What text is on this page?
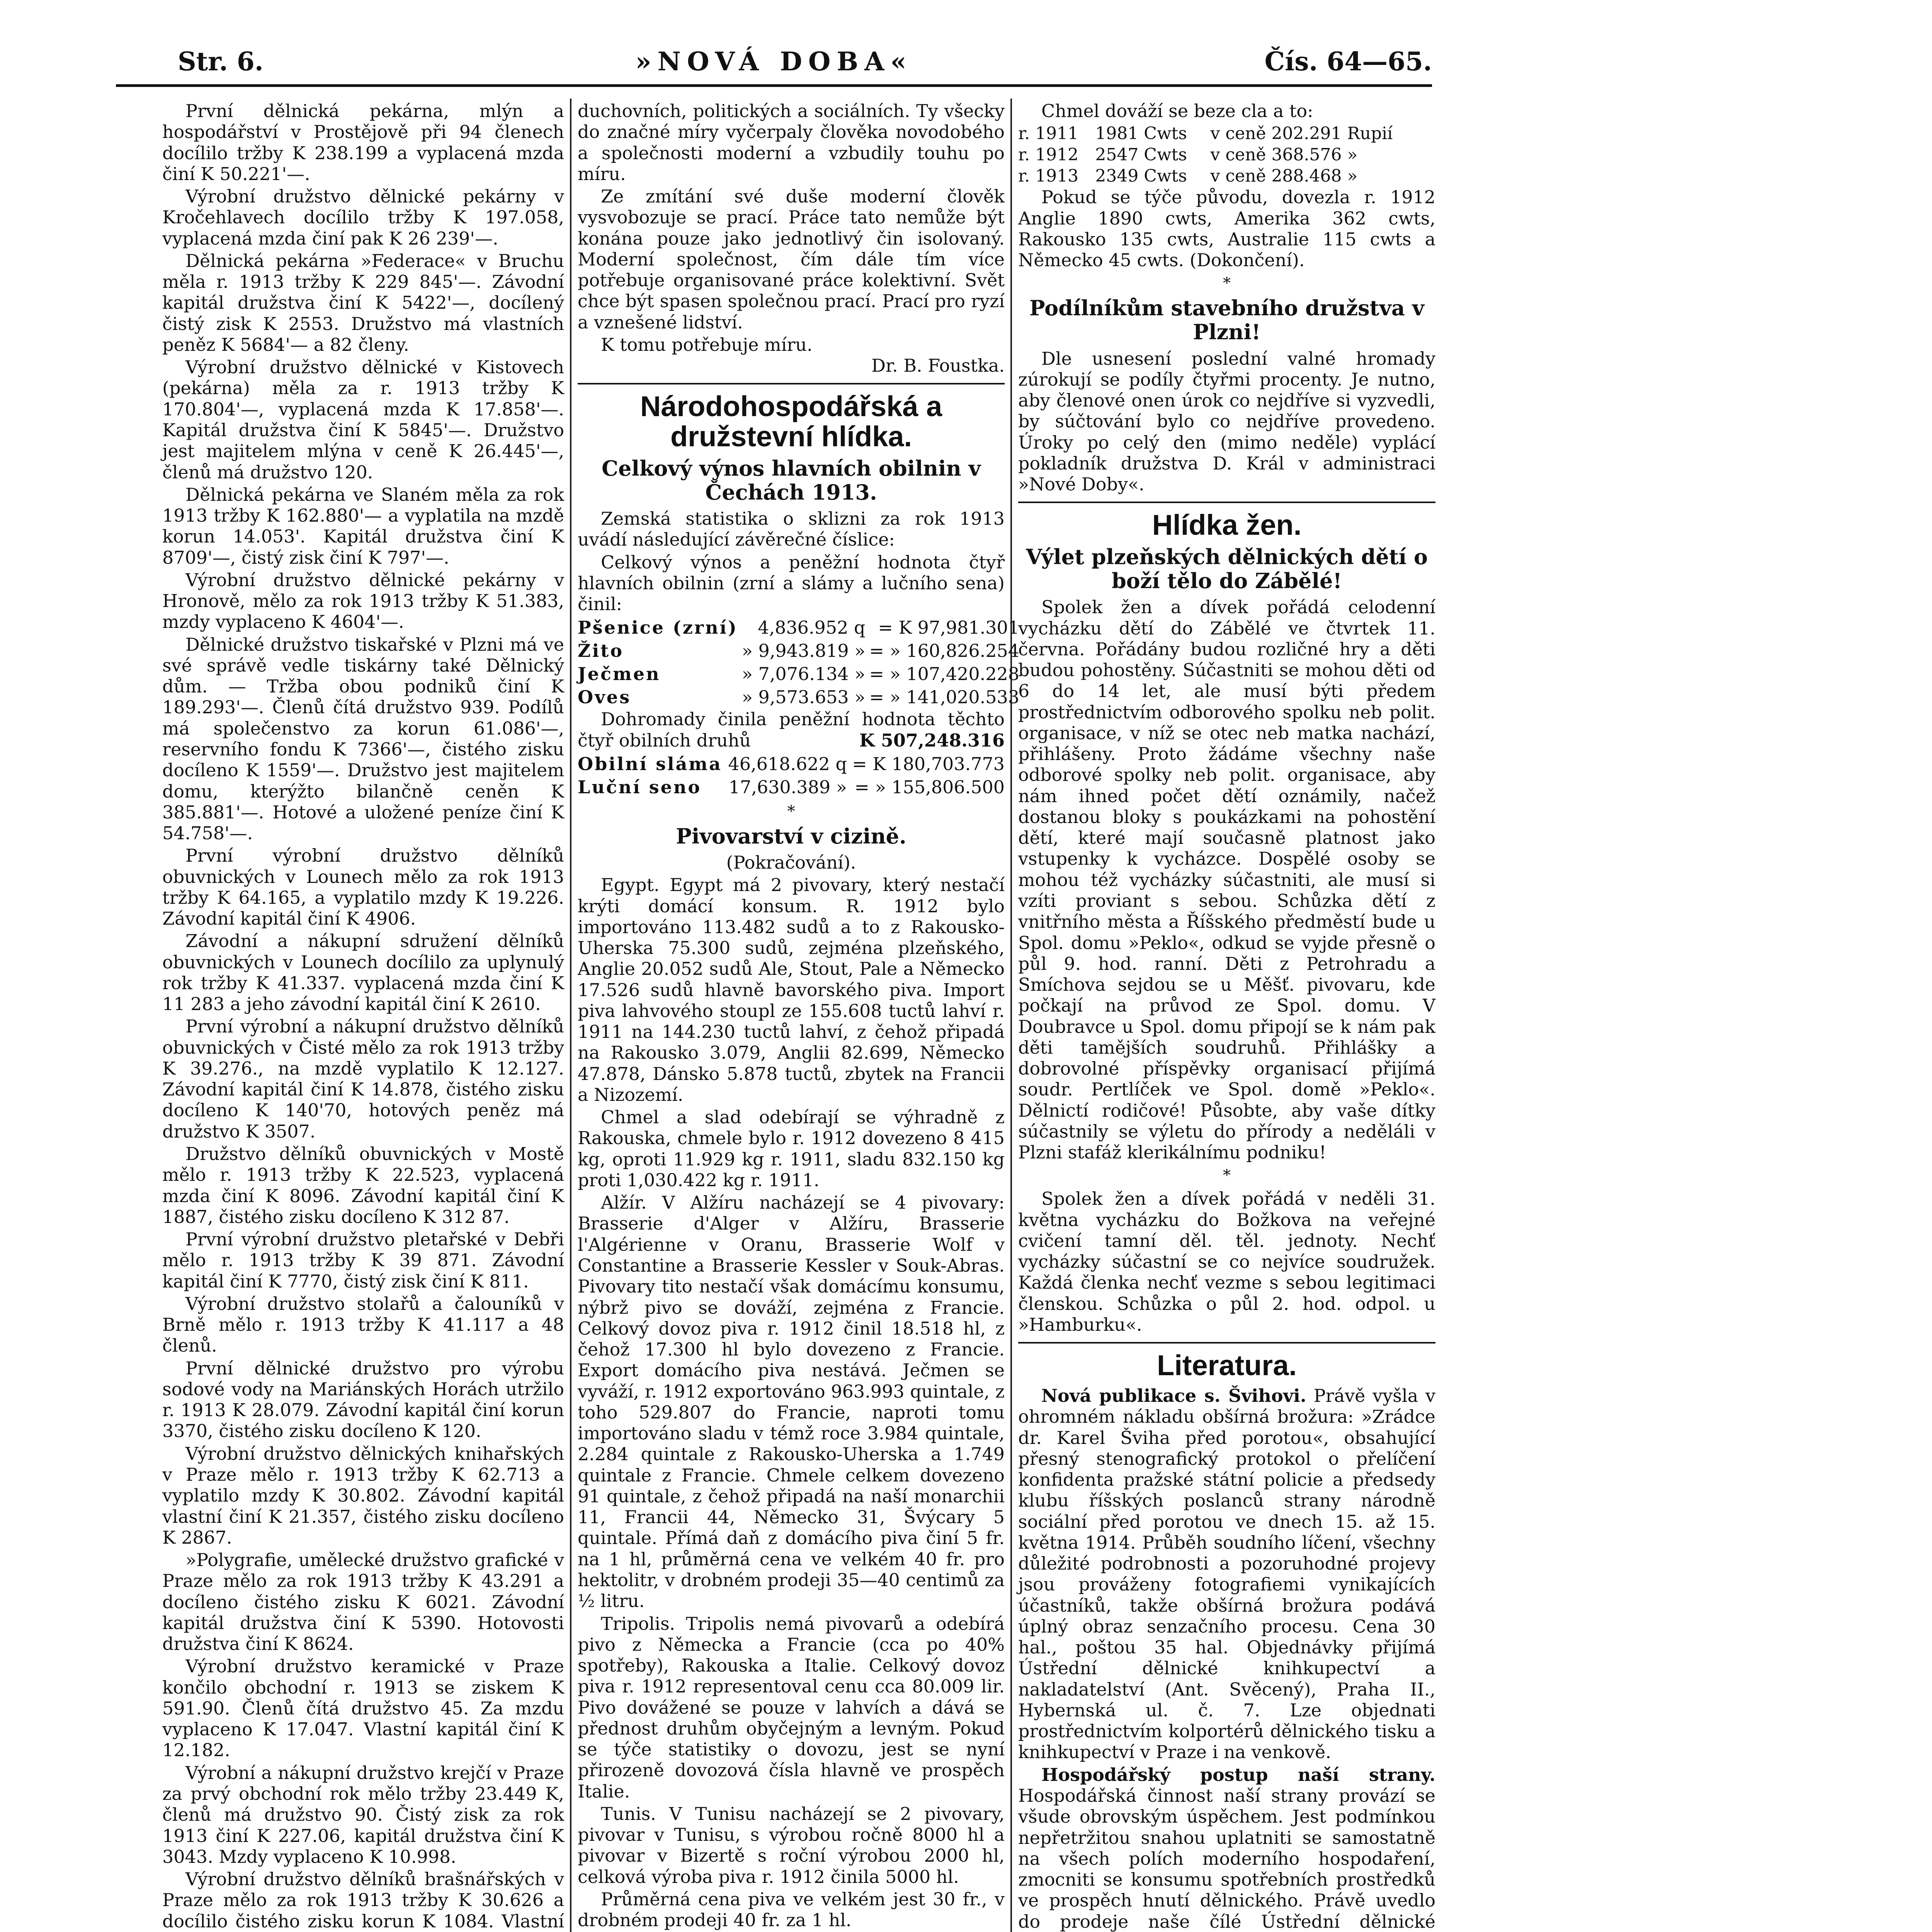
Str. 6.	»NOVÁ DOBA«	Čís. 64—65.

První dělnická pekárna, mlýn a hospodářství v Prostějově při 94 členech docílilo tržby K 238.199 a vyplacená mzda činí K 50.221'—.

Výrobní družstvo dělnické pekárny v Kročehlavech docílilo tržby K 197.058, vyplacená mzda činí pak K 26 239'—.

Dělnická pekárna »Federace« v Bruchu měla r. 1913 tržby K 229 845'—. Závodní kapitál družstva činí K 5422'—, docílený čistý zisk K 2553. Družstvo má vlastních peněz K 5684'— a 82 členy.

Výrobní družstvo dělnické v Kistovech (pekárna) měla za r. 1913 tržby K 170.804'—, vyplacená mzda K 17.858'—. Kapitál družstva činí K 5845'—. Družstvo jest majitelem mlýna v ceně K 26.445'—, členů má družstvo 120.

Dělnická pekárna ve Slaném měla za rok 1913 tržby K 162.880'— a vyplatila na mzdě korun 14.053'. Kapitál družstva činí K 8709'—, čistý zisk činí K 797'—.

Výrobní družstvo dělnické pekárny v Hronově, mělo za rok 1913 tržby K 51.383, mzdy vyplaceno K 4604'—.

Dělnické družstvo tiskařské v Plzni má ve své správě vedle tiskárny také Dělnický dům. — Tržba obou podniků činí K 189.293'—. Členů čítá družstvo 939. Podílů má společenstvo za korun 61.086'—, reservního fondu K 7366'—, čistého zisku docíleno K 1559'—. Družstvo jest majitelem domu, kterýžto bilančně ceněn K 385.881'—. Hotové a uložené peníze činí K 54.758'—.

První výrobní družstvo dělníků obuvnických v Lounech mělo za rok 1913 tržby K 64.165, a vyplatilo mzdy K 19.226. Závodní kapitál činí K 4906.

Závodní a nákupní sdružení dělníků obuvnických v Lounech docílilo za uplynulý rok tržby K 41.337. vyplacená mzda činí K 11 283 a jeho závodní kapitál činí K 2610.

První výrobní a nákupní družstvo dělníků obuvnických v Čisté mělo za rok 1913 tržby K 39.276., na mzdě vyplatilo K 12.127. Závodní kapitál činí K 14.878, čistého zisku docíleno K 140'70, hotových peněz má družstvo K 3507.

Družstvo dělníků obuvnických v Mostě mělo r. 1913 tržby K 22.523, vyplacená mzda činí K 8096. Závodní kapitál činí K 1887, čistého zisku docíleno K 312 87.

První výrobní družstvo pletařské v Debři mělo r. 1913 tržby K 39 871. Závodní kapitál činí K 7770, čistý zisk činí K 811.

Výrobní družstvo stolařů a čalouníků v Brně mělo r. 1913 tržby K 41.117 a 48 členů.

První dělnické družstvo pro výrobu sodové vody na Mariánských Horách utržilo r. 1913 K 28.079. Závodní kapitál činí korun 3370, čistého zisku docíleno K 120.

Výrobní družstvo dělnických knihařských v Praze mělo r. 1913 tržby K 62.713 a vyplatilo mzdy K 30.802. Závodní kapitál vlastní činí K 21.357, čistého zisku docíleno K 2867.

»Polygrafie, umělecké družstvo grafické v Praze mělo za rok 1913 tržby K 43.291 a docíleno čistého zisku K 6021. Závodní kapitál družstva činí K 5390. Hotovosti družstva činí K 8624.

Výrobní družstvo keramické v Praze končilo obchodní r. 1913 se ziskem K 591.90. Členů čítá družstvo 45. Za mzdu vyplaceno K 17.047. Vlastní kapitál činí K 12.182.

Výrobní a nákupní družstvo krejčí v Praze za prvý obchodní rok mělo tržby 23.449 K, členů má družstvo 90. Čistý zisk za rok 1913 činí K 227.06, kapitál družstva činí K 3043. Mzdy vyplaceno K 10.998.

Výrobní družstvo dělníků brašnářských v Praze mělo za rok 1913 tržby K 30.626 a docílilo čistého zisku korun K 1084. Vlastní

duchovních, politických a sociálních. Ty všecky do značné míry vyčerpaly člověka novodobého a společnosti moderní a vzbudily touhu po míru.

Ze zmítání své duše moderní člověk vysvobozuje se prací. Práce tato nemůže být konána pouze jako jednotlivý čin isolovaný. Moderní společnost, čím dále tím více potřebuje organisované práce kolektivní. Svět chce být spasen společnou prací. Prací pro ryzí a vznešené lidství.

K tomu potřebuje míru.
Dr. B. Foustka.

Národohospodářská a družstevní hlídka.
Celkový výnos hlavních obilnin v Čechách 1913.

Zemská statistika o sklizni za rok 1913 uvádí následující závěrečné číslice:

Celkový výnos a peněžní hodnota čtyř hlavních obilnin (zrní a slámy a lučního sena) činil:

Pšenice (zrní)	4,836.952 q	= K 97,981.301
Žito	» 9,943.819 »	= » 160,826.254
Ječmen	» 7,076.134 »	= » 107,420.228
Oves	» 9,573.653 »	= » 141,020.533

Dohromady činila peněžní hodnota těchto čtyř obilních druhů	K 507,248.316

Obilní sláma	46,618.622 q	= K 180,703.773
Luční seno	17,630.389 »	= » 155,806.500
*
Pivovarství v cizině.

(Pokračování).

Egypt. Egypt má 2 pivovary, který nestačí krýti domácí konsum. R. 1912 bylo importováno 113.482 sudů a to z Rakousko-Uherska 75.300 sudů, zejména plzeňského, Anglie 20.052 sudů Ale, Stout, Pale a Německo 17.526 sudů hlavně bavorského piva. Import piva lahvového stoupl ze 155.608 tuctů lahví r. 1911 na 144.230 tuctů lahví, z čehož připadá na Rakousko 3.079, Anglii 82.699, Německo 47.878, Dánsko 5.878 tuctů, zbytek na Francii a Nizozemí.

Chmel a slad odebírají se výhradně z Rakouska, chmele bylo r. 1912 dovezeno 8 415 kg, oproti 11.929 kg r. 1911, sladu 832.150 kg proti 1,030.422 kg r. 1911.

Alžír. V Alžíru nacházejí se 4 pivovary: Brasserie d'Alger v Alžíru, Brasserie l'Algérienne v Oranu, Brasserie Wolf v Constantine a Brasserie Kessler v Souk-Abras. Pivovary tito nestačí však domácímu konsumu, nýbrž pivo se dováží, zejména z Francie. Celkový dovoz piva r. 1912 činil 18.518 hl, z čehož 17.300 hl bylo dovezeno z Francie. Export domácího piva nestává. Ječmen se vyváží, r. 1912 exportováno 963.993 quintale, z toho 529.807 do Francie, naproti tomu importováno sladu v témž roce 3.984 quintale, 2.284 quintale z Rakousko-Uherska a 1.749 quintale z Francie. Chmele celkem dovezeno 91 quintale, z čehož připadá na naší monarchii 11, Francii 44, Německo 31, Švýcary 5 quintale. Přímá daň z domácího piva činí 5 fr. na 1 hl, průměrná cena ve velkém 40 fr. pro hektolitr, v drobném prodeji 35—40 centimů za ½ litru.

Tripolis. Tripolis nemá pivovarů a odebírá pivo z Německa a Francie (cca po 40% spotřeby), Rakouska a Italie. Celkový dovoz piva r. 1912 representoval cenu cca 80.009 lir. Pivo dovážené se pouze v lahvích a dává se přednost druhům obyčejným a levným. Pokud se týče statistiky o dovozu, jest se nyní přirozeně dovozová čísla hlavně ve prospěch Italie.

Tunis. V Tunisu nacházejí se 2 pivovary, pivovar v Tunisu, s výrobou ročně 8000 hl a pivovar v Bizertě s roční výrobou 2000 hl, celková výroba piva r. 1912 činila 5000 hl.

Průměrná cena piva ve velkém jest 30 fr., v drobném prodeji 40 fr. za 1 hl.

Chmel dováží se beze cla a to:

r. 1911	1981 Cwts	v ceně 202.291 Rupií
r. 1912	2547 Cwts	v ceně 368.576 »
r. 1913	2349 Cwts	v ceně 288.468 »

Pokud se týče původu, dovezla r. 1912 Anglie 1890 cwts, Amerika 362 cwts, Rakousko 135 cwts, Australie 115 cwts a Německo 45 cwts. (Dokončení).

*
Podílníkům stavebního družstva v Plzni!

Dle usnesení poslední valné hromady zúrokují se podíly čtyřmi procenty. Je nutno, aby členové onen úrok co nejdříve si vyzvedli, by súčtování bylo co nejdříve provedeno. Úroky po celý den (mimo neděle) vyplácí pokladník družstva D. Král v administraci »Nové Doby«.

Hlídka žen.
Výlet plzeňských dělnických dětí o boží tělo do Zábělé!

Spolek žen a dívek pořádá celodenní vycházku dětí do Zábělé ve čtvrtek 11. června. Pořádány budou rozličné hry a děti budou pohostěny. Súčastniti se mohou děti od 6 do 14 let, ale musí býti předem prostřednictvím odborového spolku neb polit. organisace, v níž se otec neb matka nachází, přihlášeny. Proto žádáme všechny naše odborové spolky neb polit. organisace, aby nám ihned počet dětí oznámily, načež dostanou bloky s poukázkami na pohostění dětí, které mají současně platnost jako vstupenky k vycházce. Dospělé osoby se mohou též vycházky súčastniti, ale musí si vzíti proviant s sebou. Schůzka dětí z vnitřního města a Říšského předměstí bude u Spol. domu »Peklo«, odkud se vyjde přesně o půl 9. hod. ranní. Děti z Petrohradu a Smíchova sejdou se u Měšť. pivovaru, kde počkají na průvod ze Spol. domu. V Doubravce u Spol. domu připojí se k nám pak děti tamějších soudruhů. Přihlášky a dobrovolné příspěvky organisací přijímá soudr. Pertlíček ve Spol. domě »Peklo«. Dělnictí rodičové! Působte, aby vaše dítky súčastnily se výletu do přírody a neděláli v Plzni stafáž klerikálnímu podniku!

*

Spolek žen a dívek pořádá v neděli 31. května vycházku do Božkova na veřejné cvičení tamní děl. těl. jednoty. Nechť vycházky súčastní se co nejvíce soudružek. Každá členka nechť vezme s sebou legitimaci členskou. Schůzka o půl 2. hod. odpol. u »Hamburku«.

Literatura.

Nová publikace s. Švihovi. Právě vyšla v ohromném nákladu obšírná brožura: »Zrádce dr. Karel Šviha před porotou«, obsahující přesný stenografický protokol o přelíčení konfidenta pražské státní policie a předsedy klubu říšských poslanců strany národně sociální před porotou ve dnech 15. až 15. května 1914. Průběh soudního líčení, všechny důležité podrobnosti a pozoruhodné projevy jsou prováženy fotografiemi vynikajících účastníků, takže obšírná brožura podává úplný obraz senzačního procesu. Cena 30 hal., poštou 35 hal. Objednávky přijímá Ústřední dělnické knihkupectví a nakladatelství (Ant. Svěcený), Praha II., Hybernská ul. č. 7. Lze objednati prostřednictvím kolportérů dělnického tisku a knihkupectví v Praze i na venkově.

Hospodářský postup naší strany. Hospodářská činnost naší strany provází se všude obrovským úspěchem. Jest podmínkou nepřetržitou snahou uplatniti se samostatně na všech polích moderního hospodaření, zmocniti se konsumu spotřebních prostředků ve prospěch hnutí dělnického. Právě uvedlo do prodeje naše čílé Ústřední dělnické
